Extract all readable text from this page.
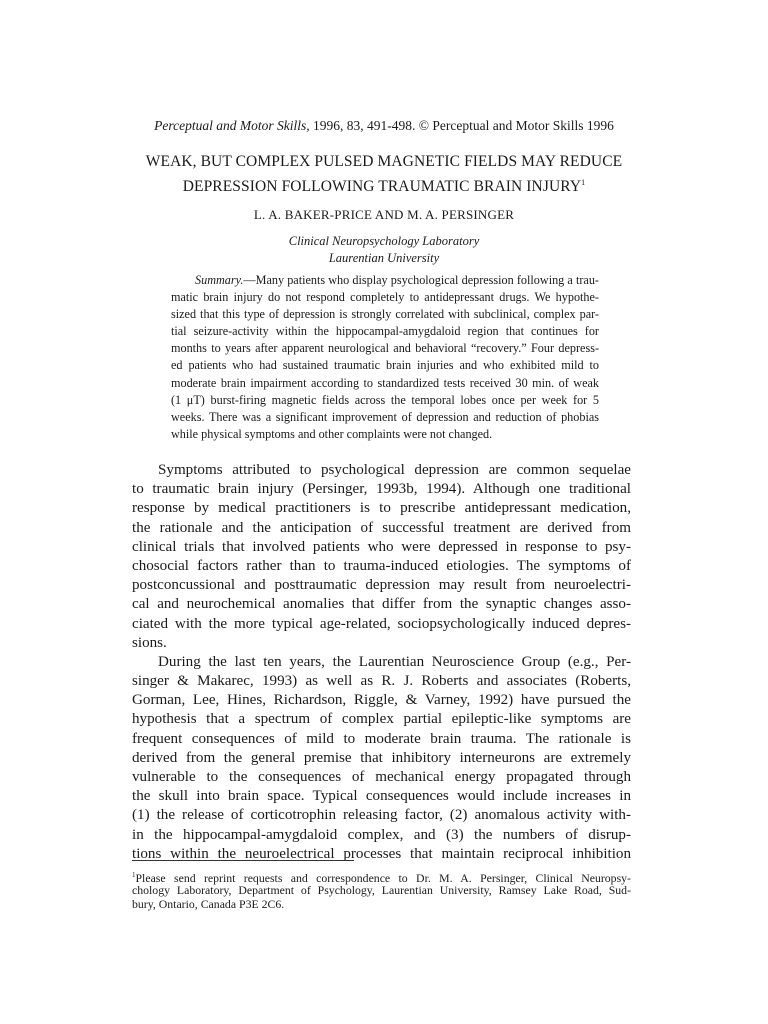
Perceptual and Motor Skills, 1996, 83, 491-498. © Perceptual and Motor Skills 1996
WEAK, BUT COMPLEX PULSED MAGNETIC FIELDS MAY REDUCE
DEPRESSION FOLLOWING TRAUMATIC BRAIN INJURY$^1$
L. A. BAKER-PRICE AND M. A. PERSINGER
Clinical Neuropsychology Laboratory
Laurentian University
Summary.—Many patients who display psychological depression following a trau-
matic brain injury do not respond completely to antidepressant drugs. We hypothe-
sized that this type of depression is strongly correlated with subclinical, complex par-
tial seizure-activity within the hippocampal-amygdaloid region that continues for
months to years after apparent neurological and behavioral “recovery.” Four depress-
ed patients who had sustained traumatic brain injuries and who exhibited mild to
moderate brain impairment according to standardized tests received 30 min. of weak
(1 μT) burst-firing magnetic fields across the temporal lobes once per week for 5
weeks. There was a significant improvement of depression and reduction of phobias
while physical symptoms and other complaints were not changed.
Symptoms attributed to psychological depression are common sequelae
to traumatic brain injury (Persinger, 1993b, 1994). Although one traditional
response by medical practitioners is to prescribe antidepressant medication,
the rationale and the anticipation of successful treatment are derived from
clinical trials that involved patients who were depressed in response to psy-
chosocial factors rather than to trauma-induced etiologies. The symptoms of
postconcussional and posttraumatic depression may result from neuroelectri-
cal and neurochemical anomalies that differ from the synaptic changes asso-
ciated with the more typical age-related, sociopsychologically induced depres-
sions.
During the last ten years, the Laurentian Neuroscience Group (e.g., Per-
singer & Makarec, 1993) as well as R. J. Roberts and associates (Roberts,
Gorman, Lee, Hines, Richardson, Riggle, & Varney, 1992) have pursued the
hypothesis that a spectrum of complex partial epileptic-like symptoms are
frequent consequences of mild to moderate brain trauma. The rationale is
derived from the general premise that inhibitory interneurons are extremely
vulnerable to the consequences of mechanical energy propagated through
the skull into brain space. Typical consequences would include increases in
(1) the release of corticotrophin releasing factor, (2) anomalous activity with-
in the hippocampal-amygdaloid complex, and (3) the numbers of disrup-
tions within the neuroelectrical processes that maintain reciprocal inhibition
$^1$Please send reprint requests and correspondence to Dr. M. A. Persinger, Clinical Neuropsy-
chology Laboratory, Department of Psychology, Laurentian University, Ramsey Lake Road, Sud-
bury, Ontario, Canada P3E 2C6.
